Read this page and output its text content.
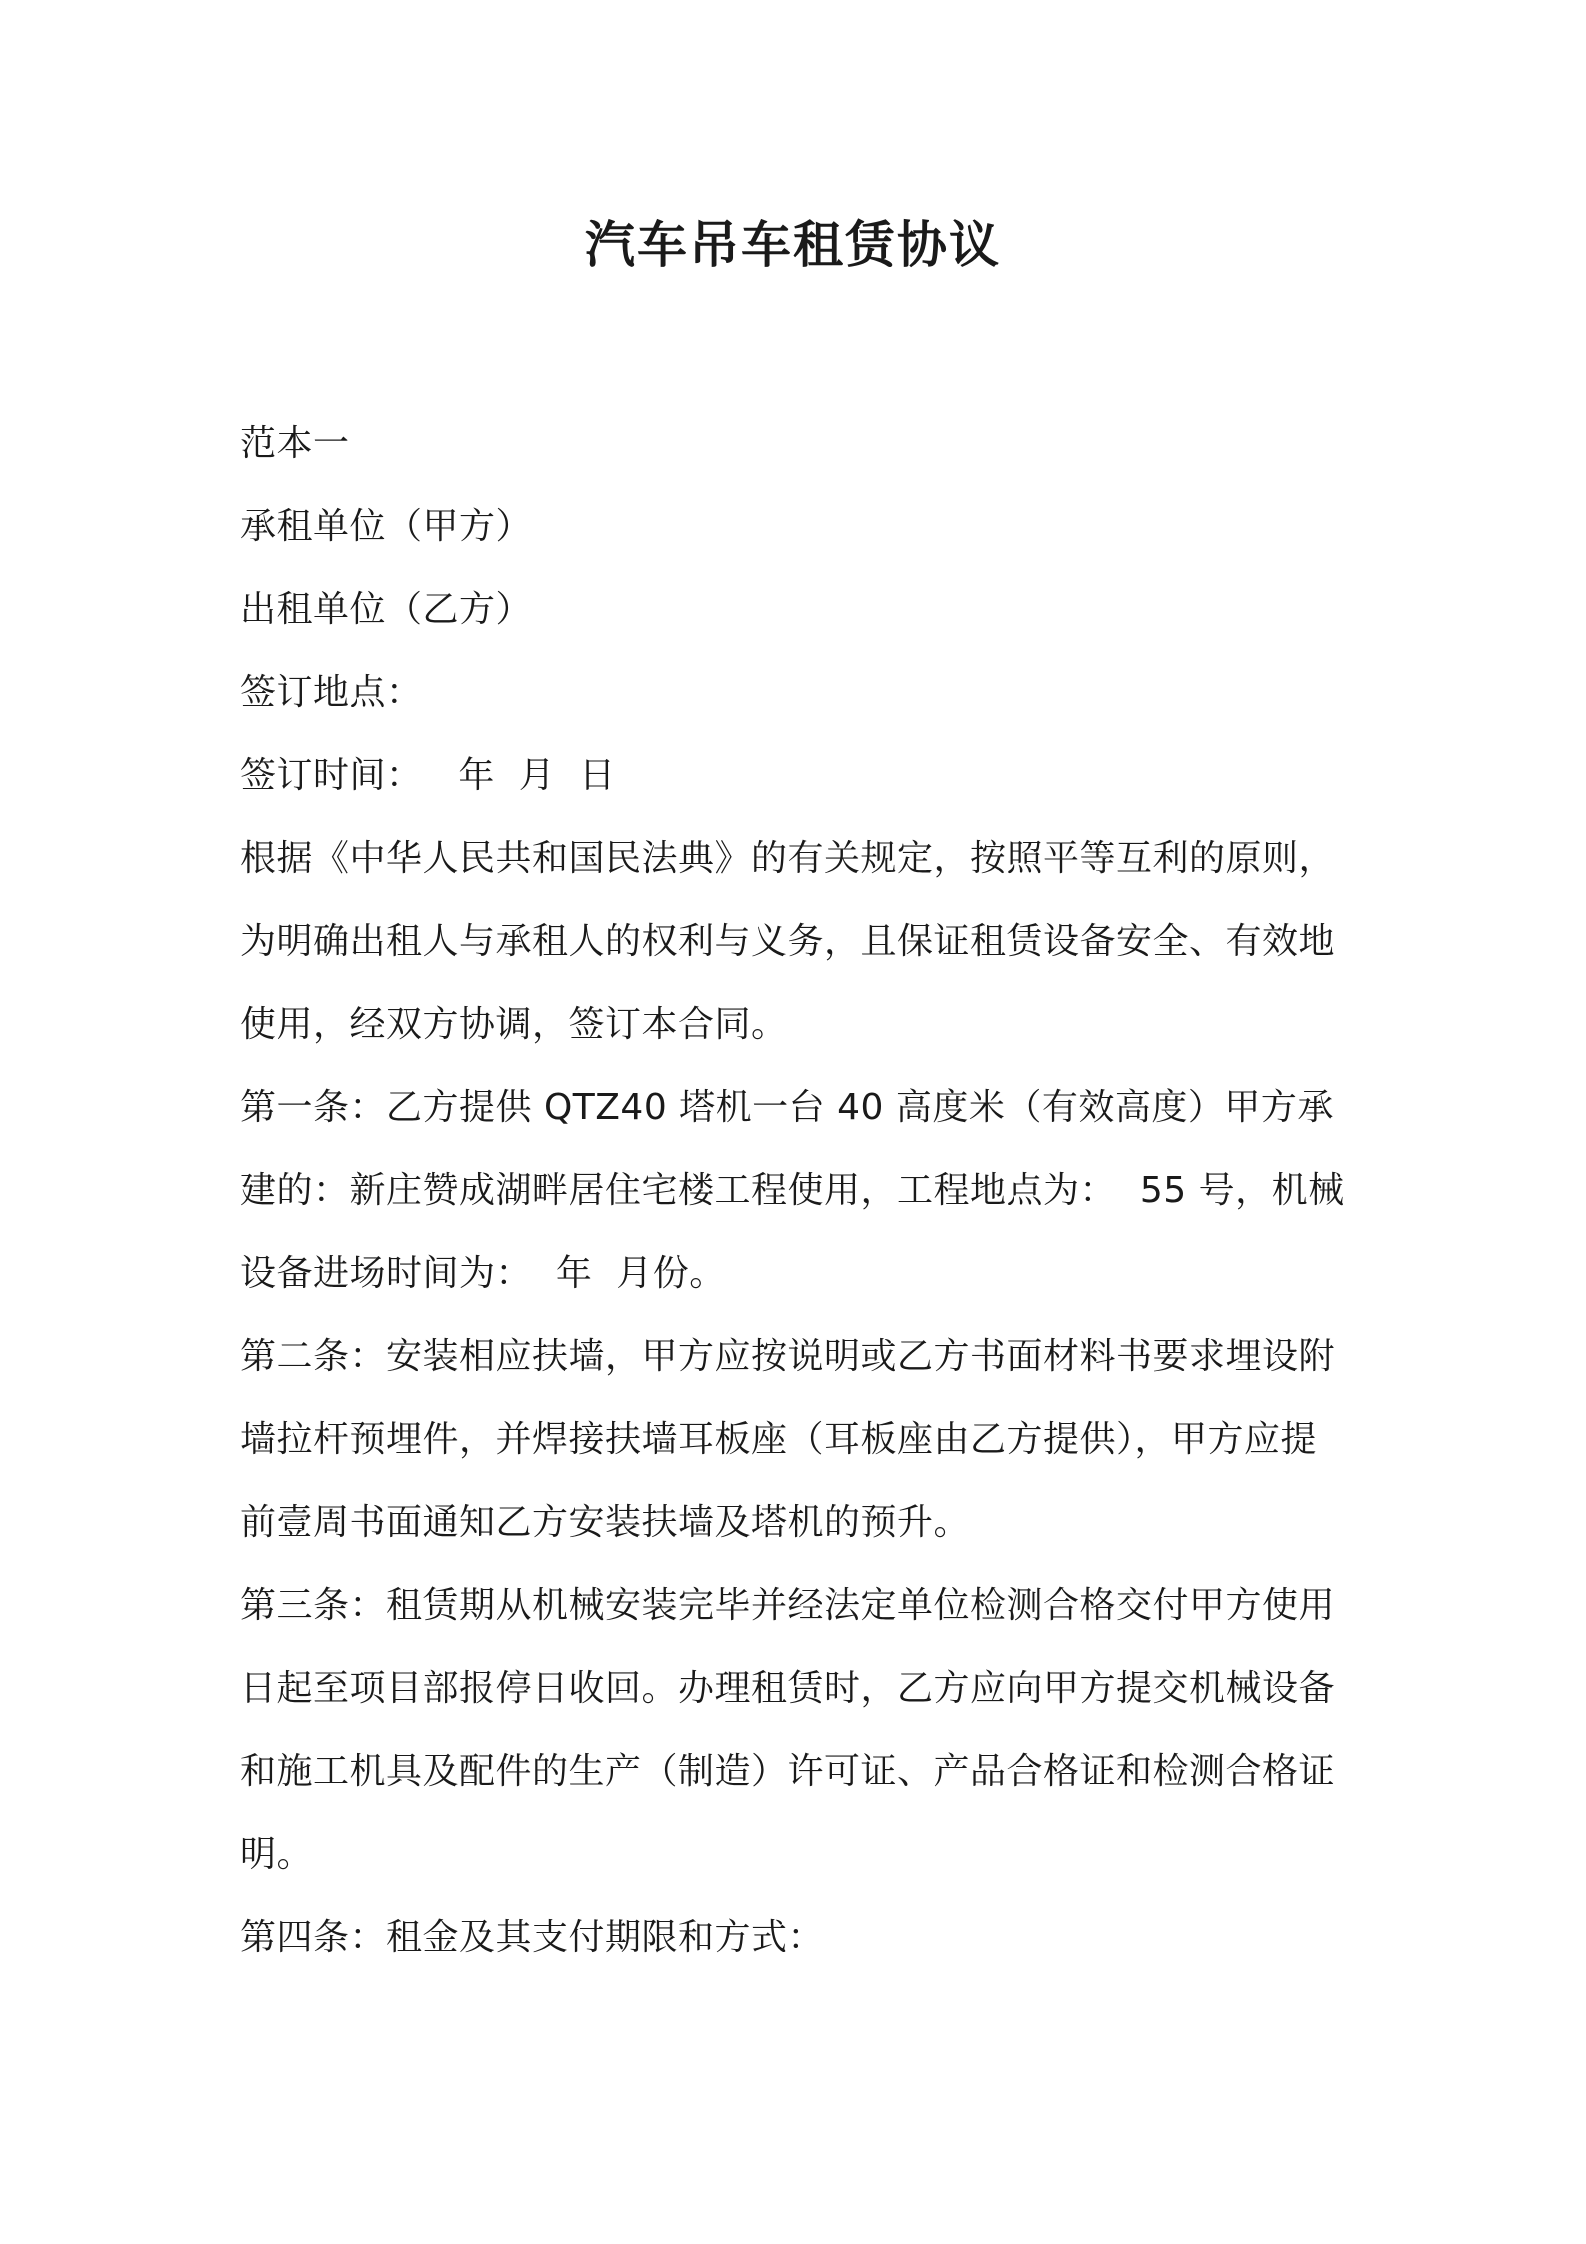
汽车吊车租赁协议
范本一
承租单位（甲方）
出租单位（乙方）
签订地点：
签订时间：   年  月  日
根据《中华人民共和国民法典》的有关规定，按照平等互利的原则，
为明确出租人与承租人的权利与义务，且保证租赁设备安全、有效地
使用，经双方协调，签订本合同。
第一条：乙方提供 QTZ40 塔机一台 40 高度米（有效高度）甲方承
建的：新庄赞成湖畔居住宅楼工程使用，工程地点为：  55 号，机械
设备进场时间为：  年  月份。
第二条：安装相应扶墙，甲方应按说明或乙方书面材料书要求埋设附
墙拉杆预埋件，并焊接扶墙耳板座（耳板座由乙方提供），甲方应提
前壹周书面通知乙方安装扶墙及塔机的预升。
第三条：租赁期从机械安装完毕并经法定单位检测合格交付甲方使用
日起至项目部报停日收回。办理租赁时，乙方应向甲方提交机械设备
和施工机具及配件的生产（制造）许可证、产品合格证和检测合格证
明。
第四条：租金及其支付期限和方式：
